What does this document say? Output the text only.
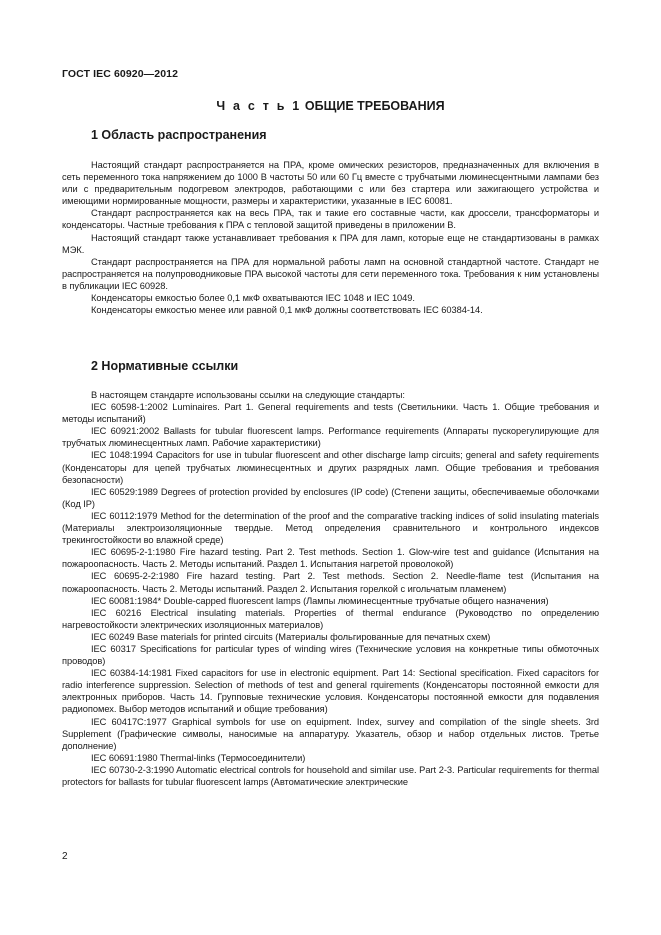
ГОСТ IEC 60920—2012
Ч а с т ь 1 ОБЩИЕ ТРЕБОВАНИЯ
1 Область распространения

Настоящий стандарт распространяется на ПРА, кроме омических резисторов, предназначенных для включения в сеть переменного тока напряжением до 1000 В частоты 50 или 60 Гц вместе с трубчатыми люминесцентными лампами без или с предварительным подогревом электродов, работающими с или без стартера или зажигающего устройства и имеющими нормированные мощности, размеры и характеристики, указанные в IEC 60081.

Стандарт распространяется как на весь ПРА, так и такие его составные части, как дроссели, трансформаторы и конденсаторы. Частные требования к ПРА с тепловой защитой приведены в приложении В.

Настоящий стандарт также устанавливает требования к ПРА для ламп, которые еще не стандартизованы в рамках МЭК.

Стандарт распространяется на ПРА для нормальной работы ламп на основной стандартной частоте. Стандарт не распространяется на полупроводниковые ПРА высокой частоты для сети переменного тока. Требования к ним установлены в публикации IEC 60928.

Конденсаторы емкостью более 0,1 мкФ охватываются IEC 1048 и IEC 1049.

Конденсаторы емкостью менее или равной 0,1 мкФ должны соответствовать IEC 60384-14.

2 Нормативные ссылки

В настоящем стандарте использованы ссылки на следующие стандарты:

IEC 60598-1:2002 Luminaires. Part 1. General requirements and tests (Светильники. Часть 1. Общие требования и методы испытаний)

IEC 60921:2002 Ballasts for tubular fluorescent lamps. Performance requirements (Аппараты пускорегулирующие для трубчатых люминесцентных ламп. Рабочие характеристики)

IEC 1048:1994 Capacitors for use in tubular fluorescent and other discharge lamp circuits; general and safety requirements (Конденсаторы для цепей трубчатых люминесцентных и других разрядных ламп. Общие требования и требования безопасности)

IEC 60529:1989 Degrees of protection provided by enclosures (IP code) (Степени защиты, обеспечиваемые оболочками (Код IP)

IEC 60112:1979 Method for the determination of the proof and the comparative tracking indices of solid insulating materials (Материалы электроизоляционные твердые. Метод определения сравнительного и контрольного индексов трекингостойкости во влажной среде)

IEC 60695-2-1:1980 Fire hazard testing. Part 2. Test methods. Section 1. Glow-wire test and guidance (Испытания на пожароопасность. Часть 2. Методы испытаний. Раздел 1. Испытания нагретой проволокой)

IEC 60695-2-2:1980 Fire hazard testing. Part 2. Test methods. Section 2. Needle-flame test (Испытания на пожароопасность. Часть 2. Методы испытаний. Раздел 2. Испытания горелкой с игольчатым пламенем)

IEC 60081:1984* Double-capped fluorescent lamps (Лампы люминесцентные трубчатые общего назначения)

IEC 60216 Electrical insulating materials. Properties of thermal endurance (Руководство по определению нагревостойкости электрических изоляционных материалов)

IEC 60249 Base materials for printed circuits (Материалы фольгированные для печатных схем)

IEC 60317 Specifications for particular types of winding wires (Технические условия на конкретные типы обмоточных проводов)

IEC 60384-14:1981 Fixed capacitors for use in electronic equipment. Part 14: Sectional specification. Fixed capacitors for radio interference suppression. Selection of methods of test and general rquirements (Конденсаторы постоянной емкости для электронных приборов. Часть 14. Групповые технические условия. Конденсаторы постоянной емкости для подавления радиопомех. Выбор методов испытаний и общие требования)

IEC 60417C:1977 Graphical symbols for use on equipment. Index, survey and compilation of the single sheets. 3rd Supplement (Графические символы, наносимые на аппаратуру. Указатель, обзор и набор отдельных листов. Третье дополнение)

IEC 60691:1980 Thermal-links (Термосоединители)

IEC 60730-2-3:1990 Automatic electrical controls for household and similar use. Part 2-3. Particular requirements for thermal protectors for ballasts for tubular fluorescent lamps (Автоматические электрические

2
